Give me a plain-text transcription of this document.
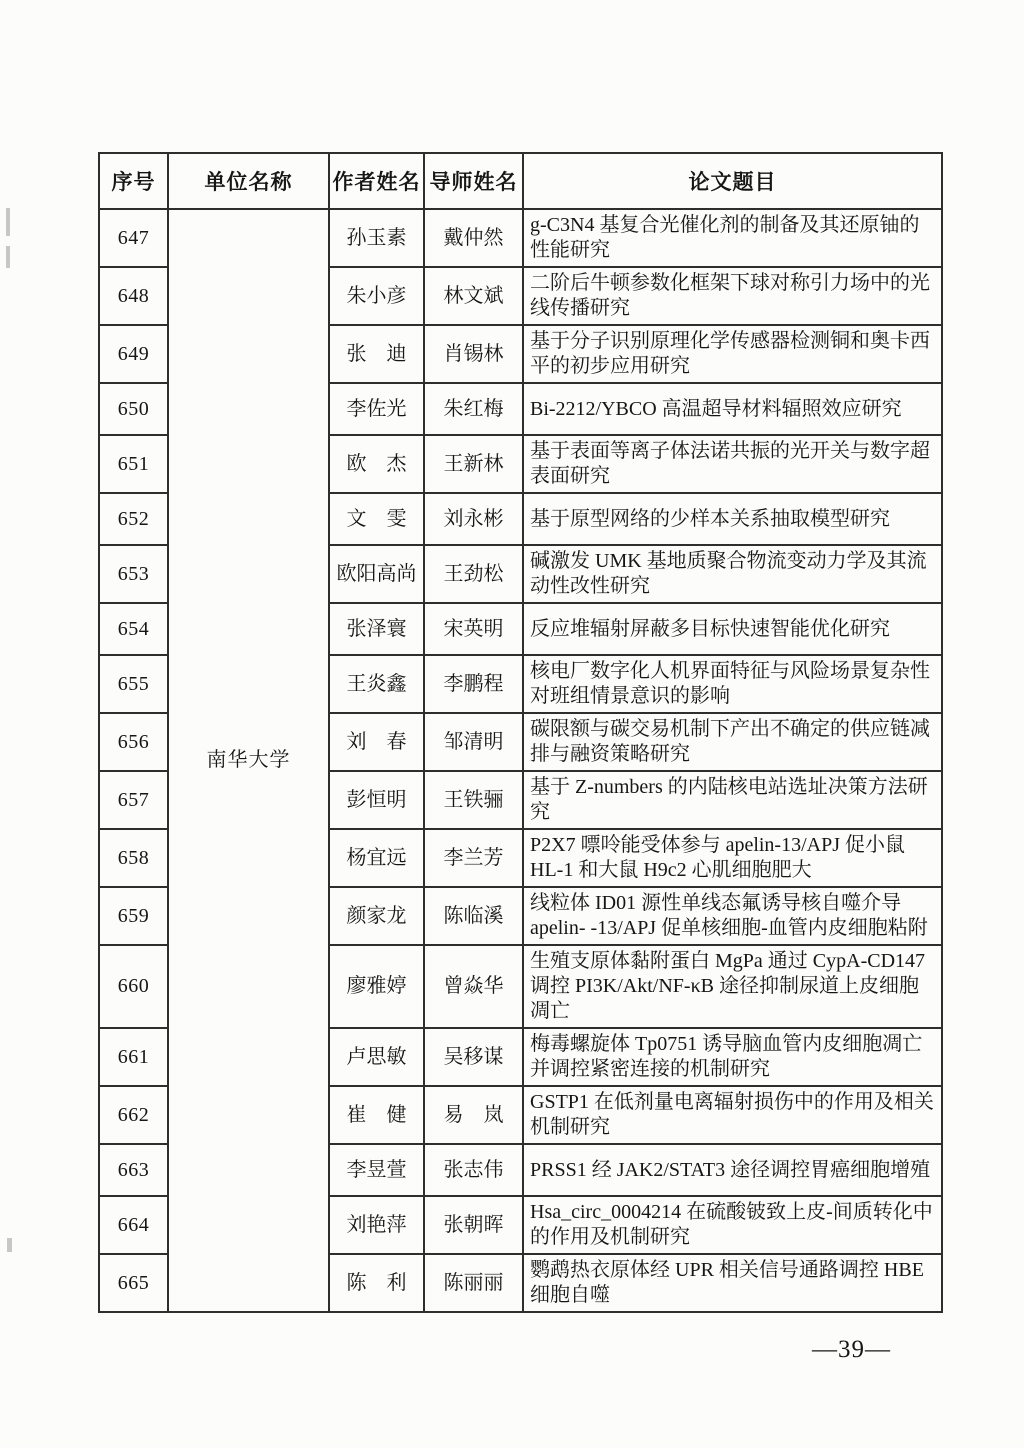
序号	单位名称	作者姓名	导师姓名	论文题目
647	南华大学	孙玉素	戴仲然	g-C3N4 基复合光催化剂的制备及其还原铀的性能研究
648		朱小彦	林文斌	二阶后牛顿参数化框架下球对称引力场中的光线传播研究
649		张　迪	肖锡林	基于分子识别原理化学传感器检测铜和奥卡西平的初步应用研究
650		李佐光	朱红梅	Bi-2212/YBCO 高温超导材料辐照效应研究
651		欧　杰	王新林	基于表面等离子体法诺共振的光开关与数字超表面研究
652		文　雯	刘永彬	基于原型网络的少样本关系抽取模型研究
653		欧阳高尚	王劲松	碱激发 UMK 基地质聚合物流变动力学及其流动性改性研究
654		张泽寰	宋英明	反应堆辐射屏蔽多目标快速智能优化研究
655		王炎鑫	李鹏程	核电厂数字化人机界面特征与风险场景复杂性对班组情景意识的影响
656		刘　春	邹清明	碳限额与碳交易机制下产出不确定的供应链减排与融资策略研究
657		彭恒明	王铁骊	基于 Z-numbers 的内陆核电站选址决策方法研究
658		杨宜远	李兰芳	P2X7 嘌呤能受体参与 apelin-13/APJ 促小鼠 HL-1 和大鼠 H9c2 心肌细胞肥大
659		颜家龙	陈临溪	线粒体 ID01 源性单线态氟诱导核自噬介导 apelin- -13/APJ 促单核细胞-血管内皮细胞粘附
660		廖雅婷	曾焱华	生殖支原体黏附蛋白 MgPa 通过 CypA-CD147 调控 PI3K/Akt/NF-κB 途径抑制尿道上皮细胞凋亡
661		卢思敏	吴移谋	梅毒螺旋体 Tp0751 诱导脑血管内皮细胞凋亡并调控紧密连接的机制研究
662		崔　健	易　岚	GSTP1 在低剂量电离辐射损伤中的作用及相关机制研究
663		李昱萱	张志伟	PRSS1 经 JAK2/STAT3 途径调控胃癌细胞增殖
664		刘艳萍	张朝晖	Hsa_circ_0004214 在硫酸铍致上皮-间质转化中的作用及机制研究
665		陈　利	陈丽丽	鹦鹉热衣原体经 UPR 相关信号通路调控 HBE 细胞自噬
—39—
